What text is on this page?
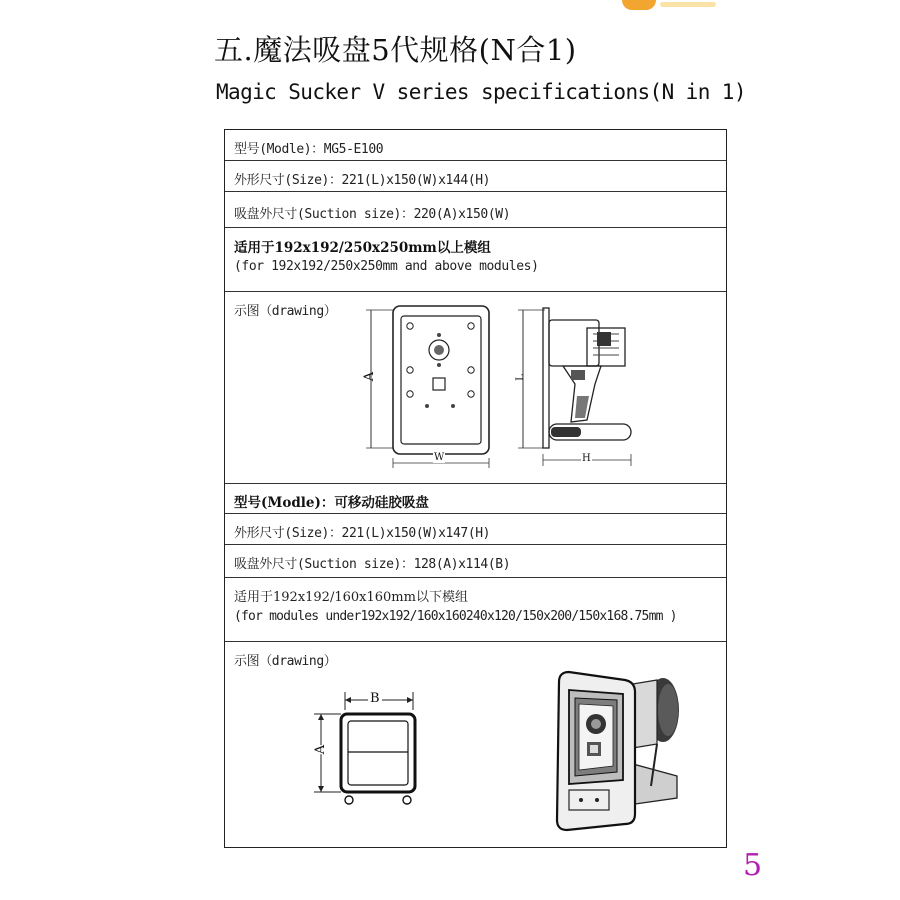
五.魔法吸盘5代规格(N合1)
Magic Sucker V series specifications(N in 1)
型号(Modle)：MG5-E100
外形尺寸(Size)：221(L)x150(W)x144(H)
吸盘外尺寸(Suction size)：220(A)x150(W)
适用于192x192/250x250mm以上模组
(for 192x192/250x250mm and above modules)
示图（drawing）
A
W
L
H
型号(Modle)：可移动硅胶吸盘
外形尺寸(Size)：221(L)x150(W)x147(H)
吸盘外尺寸(Suction size)：128(A)x114(B)
适用于192x192/160x160mm以下模组
(for modules under192x192/160x160240x120/150x200/150x168.75mm )
示图（drawing）
B
A
5
